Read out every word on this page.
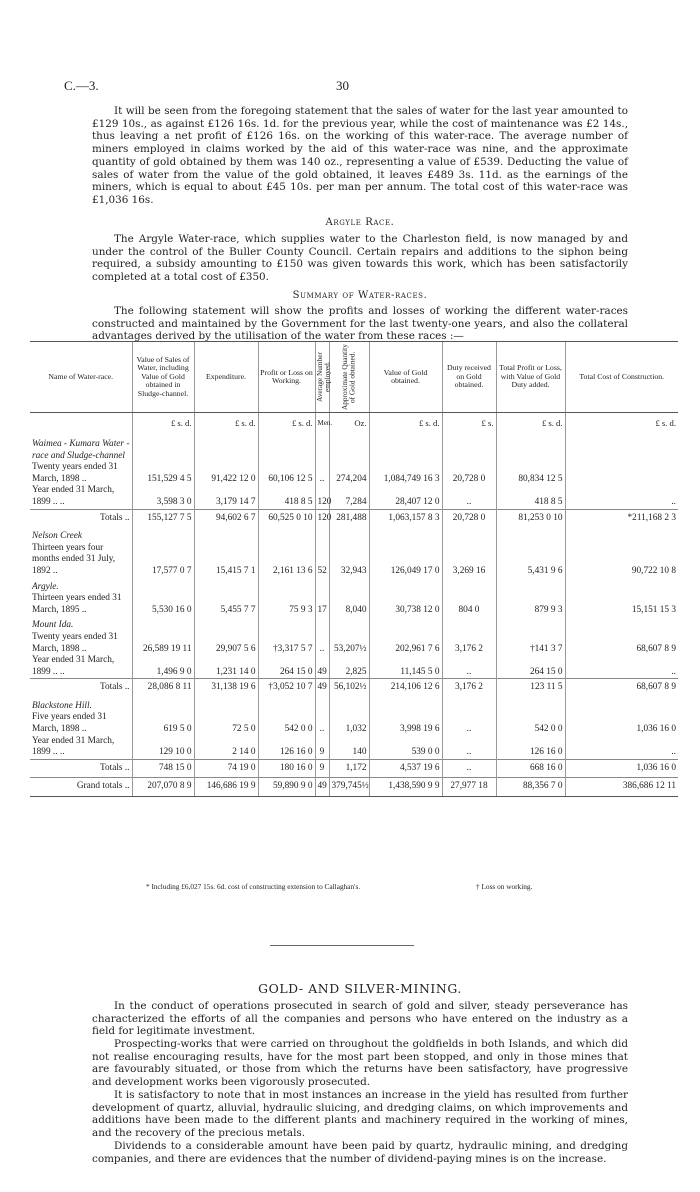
C.—3.	30
It will be seen from the foregoing statement that the sales of water for the last year amounted to £129 10s., as against £126 16s. 1d. for the previous year, while the cost of maintenance was £2 14s., thus leaving a net profit of £126 16s. on the working of this water-race. The average number of miners employed in claims worked by the aid of this water-race was nine, and the approximate quantity of gold obtained by them was 140 oz., representing a value of £539. Deducting the value of sales of water from the value of the gold obtained, it leaves £489 3s. 11d. as the earnings of the miners, which is equal to about £45 10s. per man per annum. The total cost of this water-race was £1,036 16s.
Argyle Race.
The Argyle Water-race, which supplies water to the Charleston field, is now managed by and under the control of the Buller County Council. Certain repairs and additions to the siphon being required, a subsidy amounting to £150 was given towards this work, which has been satisfactorily completed at a total cost of £350.
Summary of Water-races.
The following statement will show the profits and losses of working the different water-races constructed and maintained by the Government for the last twenty-one years, and also the collateral advantages derived by the utilisation of the water from these races :—
Name of Water-race.	Value of Sales of Water, including Value of Gold obtained in Sludge-channel.	Expenditure.	Profit or Loss on Working.	Average Number employed.	Approximate Quantity of Gold obtained.	Value of Gold obtained.	Duty received on Gold obtained.	Total Profit or Loss, with Value of Gold Duty added.	Total Cost of Construction.
	£ s. d.	£ s. d.	£ s. d.	Men.	Oz.	£ s. d.	£ s.	£ s. d.	£ s. d.
Waimea - Kumara Water - race and Sludge-channel									
Twenty years ended 31 March, 1898 ..	151,529 4 5	91,422 12 0	60,106 12 5	..	274,204	1,084,749 16 3	20,728 0	80,834 12 5	
Year ended 31 March, 1899 .. ..	3,598 3 0	3,179 14 7	418 8 5	120	7,284	28,407 12 0	..	418 8 5	..
Totals ..	155,127 7 5	94,602 6 7	60,525 0 10	120	281,488	1,063,157 8 3	20,728 0	81,253 0 10	*211,168 2 3
Nelson Creek									
Thirteen years four months ended 31 July, 1892 ..	17,577 0 7	15,415 7 1	2,161 13 6	52	32,943	126,049 17 0	3,269 16	5,431 9 6	90,722 10 8
Argyle.									
Thirteen years ended 31 March, 1895 ..	5,530 16 0	5,455 7 7	75 9 3	17	8,040	30,738 12 0	804 0	879 9 3	15,151 15 3
Mount Ida.									
Twenty years ended 31 March, 1898 ..	26,589 19 11	29,907 5 6	†3,317 5 7	..	53,207½	202,961 7 6	3,176 2	†141 3 7	68,607 8 9
Year ended 31 March, 1899 .. ..	1,496 9 0	1,231 14 0	264 15 0	49	2,825	11,145 5 0	..	264 15 0	..
Totals ..	28,086 8 11	31,138 19 6	†3,052 10 7	49	56,102½	214,106 12 6	3,176 2	123 11 5	68,607 8 9
Blackstone Hill.									
Five years ended 31 March, 1898 ..	619 5 0	72 5 0	542 0 0	..	1,032	3,998 19 6	..	542 0 0	1,036 16 0
Year ended 31 March, 1899 .. ..	129 10 0	2 14 0	126 16 0	9	140	539 0 0	..	126 16 0	..
Totals ..	748 15 0	74 19 0	180 16 0	9	1,172	4,537 19 6	..	668 16 0	1,036 16 0
Grand totals ..	207,070 8 9	146,686 19 9	59,890 9 0	49	379,745½	1,438,590 9 9	27,977 18	88,356 7 0	386,686 12 11
* Including £6,027 15s. 6d. cost of constructing extension to Callaghan's.	† Loss on working.
GOLD- AND SILVER-MINING.
In the conduct of operations prosecuted in search of gold and silver, steady perseverance has characterized the efforts of all the companies and persons who have entered on the industry as a field for legitimate investment.
Prospecting-works that were carried on throughout the goldfields in both Islands, and which did not realise encouraging results, have for the most part been stopped, and only in those mines that are favourably situated, or those from which the returns have been satisfactory, have progressive and development works been vigorously prosecuted.
It is satisfactory to note that in most instances an increase in the yield has resulted from further development of quartz, alluvial, hydraulic sluicing, and dredging claims, on which improvements and additions have been made to the different plants and machinery required in the working of mines, and the recovery of the precious metals.
Dividends to a considerable amount have been paid by quartz, hydraulic mining, and dredging companies, and there are evidences that the number of dividend-paying mines is on the increase.
